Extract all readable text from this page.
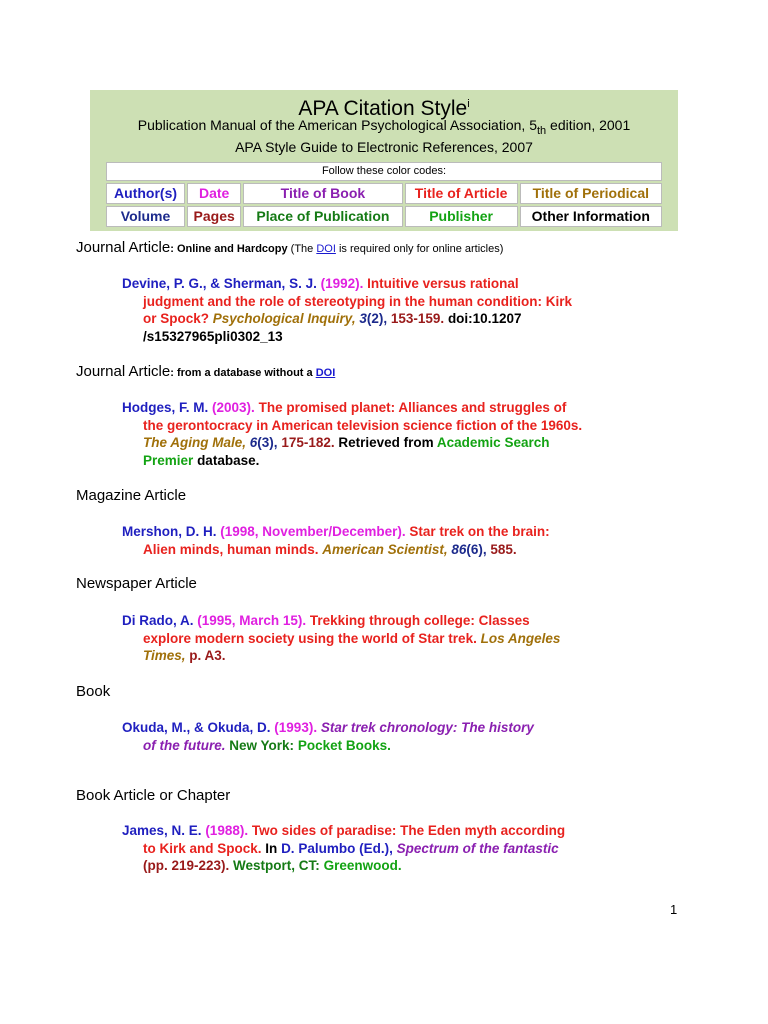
APA Citation Style$^i$
Publication Manual of the American Psychological Association, $5_{th}$ edition, 2001
APA Style Guide to Electronic References, 2007
Follow these color codes:				
Author(s)	Date	Title of Book	Title of Article	Title of Periodical
Volume	Pages	Place of Publication	Publisher	Other Information
Journal Article: Online and Hardcopy (The DOI is required only for online articles)
Devine, P. G., & Sherman, S. J. (1992). Intuitive versus rational
judgment and the role of stereotyping in the human condition: Kirk
or Spock? Psychological Inquiry, 3(2), 153-159. doi:10.1207
/s15327965pli0302_13
Journal Article: from a database without a DOI
Hodges, F. M. (2003). The promised planet: Alliances and struggles of
the gerontocracy in American television science fiction of the 1960s.
The Aging Male, 6(3), 175-182. Retrieved from Academic Search
Premier database.
Magazine Article
Mershon, D. H. (1998, November/December). Star trek on the brain:
Alien minds, human minds. American Scientist, 86(6), 585.
Newspaper Article
Di Rado, A. (1995, March 15). Trekking through college: Classes
explore modern society using the world of Star trek. Los Angeles
Times, p. A3.
Book
Okuda, M., & Okuda, D. (1993). Star trek chronology: The history
of the future. New York: Pocket Books.
Book Article or Chapter
James, N. E. (1988). Two sides of paradise: The Eden myth according
to Kirk and Spock. In D. Palumbo (Ed.), Spectrum of the fantastic
(pp. 219-223). Westport, CT: Greenwood.
1
